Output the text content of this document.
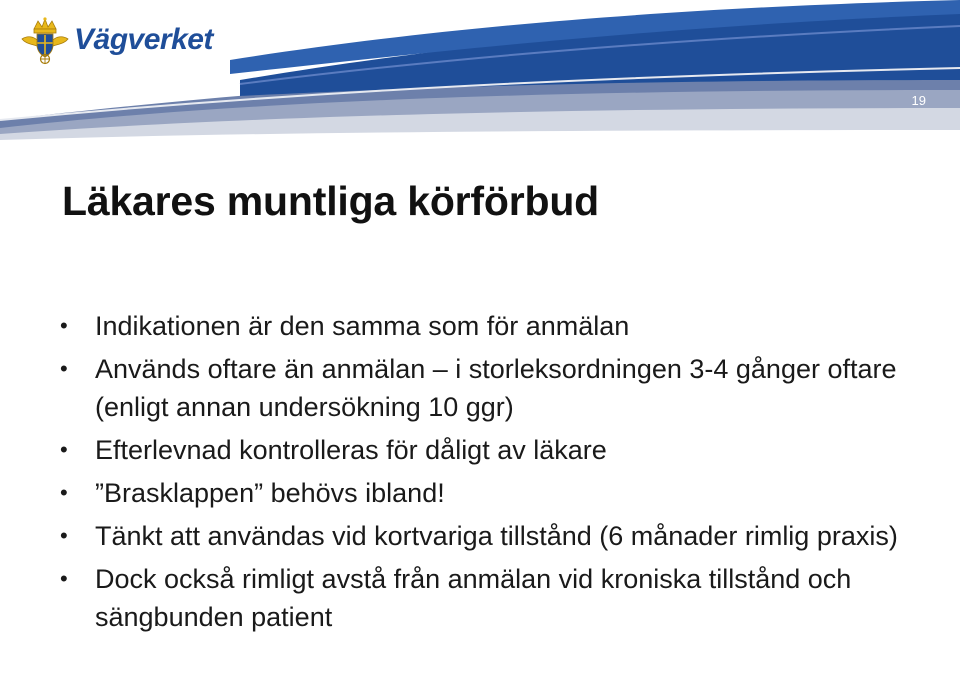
Vägverket
19
Läkares muntliga körförbud
• Indikationen är den samma som för anmälan
• Används oftare än anmälan – i storleksordningen 3-4 gånger oftare (enligt annan undersökning 10 ggr)
• Efterlevnad kontrolleras för dåligt av läkare
• ”Brasklappen” behövs ibland!
• Tänkt att användas vid kortvariga tillstånd (6 månader rimlig praxis)
• Dock också rimligt avstå från anmälan vid kroniska tillstånd och sängbunden patient
